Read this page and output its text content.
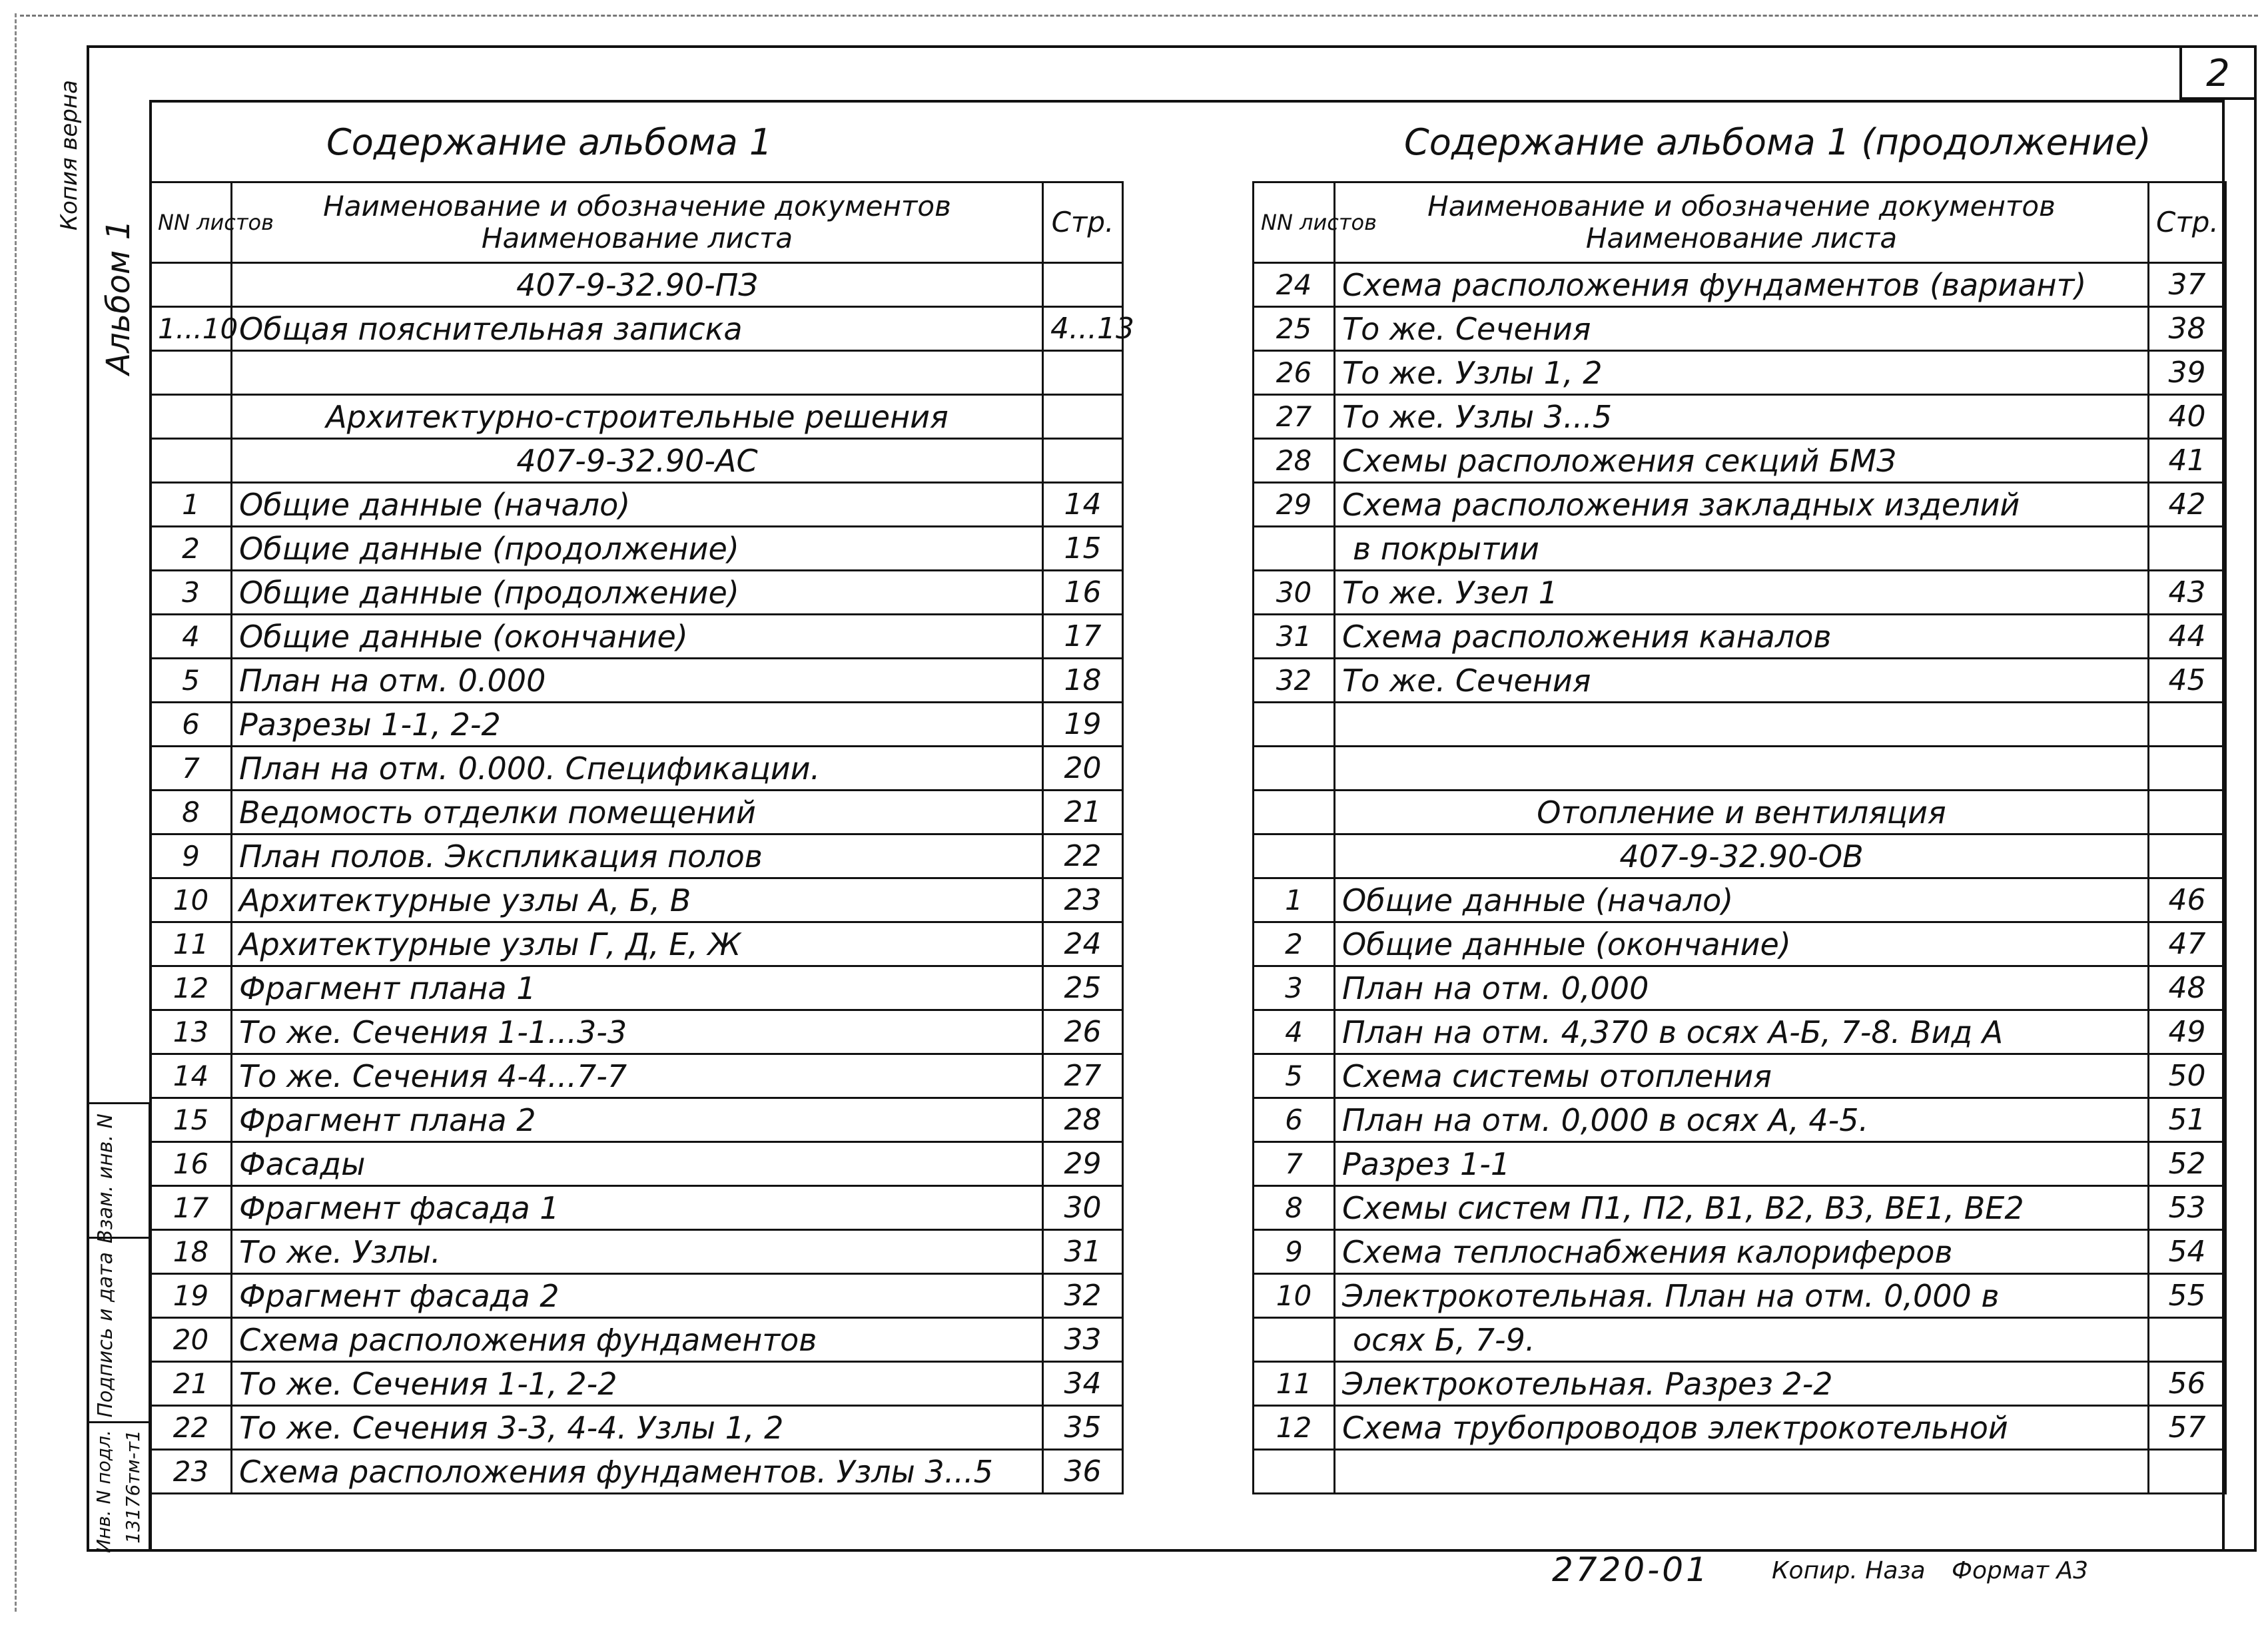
2
Содержание альбома 1
NN листов	Наименование и обозначение документов Наименование листа	Стр.
	407-9-32.90-ПЗ	
1...10	Общая пояснительная записка	4...13

	Архитектурно-строительные решения	
	407-9-32.90-АС	
1	Общие данные (начало)	14
2	Общие данные (продолжение)	15
3	Общие данные (продолжение)	16
4	Общие данные (окончание)	17
5	План на отм. 0.000	18
6	Разрезы 1-1, 2-2	19
7	План на отм. 0.000. Спецификации.	20
8	Ведомость отделки помещений	21
9	План полов. Экспликация полов	22
10	Архитектурные узлы А, Б, В	23
11	Архитектурные узлы Г, Д, Е, Ж	24
12	Фрагмент плана 1	25
13	То же. Сечения 1-1...3-3	26
14	То же. Сечения 4-4...7-7	27
15	Фрагмент плана 2	28
16	Фасады	29
17	Фрагмент фасада 1	30
18	То же. Узлы.	31
19	Фрагмент фасада 2	32
20	Схема расположения фундаментов	33
21	То же. Сечения 1-1, 2-2	34
22	То же. Сечения 3-3, 4-4. Узлы 1, 2	35
23	Схема расположения фундаментов. Узлы 3...5	36
Содержание альбома 1 (продолжение)
NN листов	Наименование и обозначение документов Наименование листа	Стр.
24	Схема расположения фундаментов (вариант)	37
25	То же. Сечения	38
26	То же. Узлы 1, 2	39
27	То же. Узлы 3...5	40
28	Схемы расположения секций БМЗ	41
29	Схема расположения закладных изделий	42
	в покрытии	
30	То же. Узел 1	43
31	Схема расположения каналов	44
32	То же. Сечения	45

	Отопление и вентиляция	
	407-9-32.90-ОВ	
1	Общие данные (начало)	46
2	Общие данные (окончание)	47
3	План на отм. 0,000	48
4	План на отм. 4,370 в осях А-Б, 7-8. Вид А	49
5	Схема системы отопления	50
6	План на отм. 0,000 в осях А, 4-5.	51
7	Разрез 1-1	52
8	Схемы систем П1, П2, В1, В2, В3, ВЕ1, ВЕ2	53
9	Схема теплоснабжения калориферов	54
10	Электрокотельная. План на отм. 0,000 в	55
	осях Б, 7-9.	
11	Электрокотельная. Разрез 2-2	56
12	Схема трубопроводов электрокотельной	57

Альбом 1
Копия верна
Взам. инв. N
Подпись и дата
Инв. N подл. 13176тм-т1
2720-01	Копир. Наза Формат А3
